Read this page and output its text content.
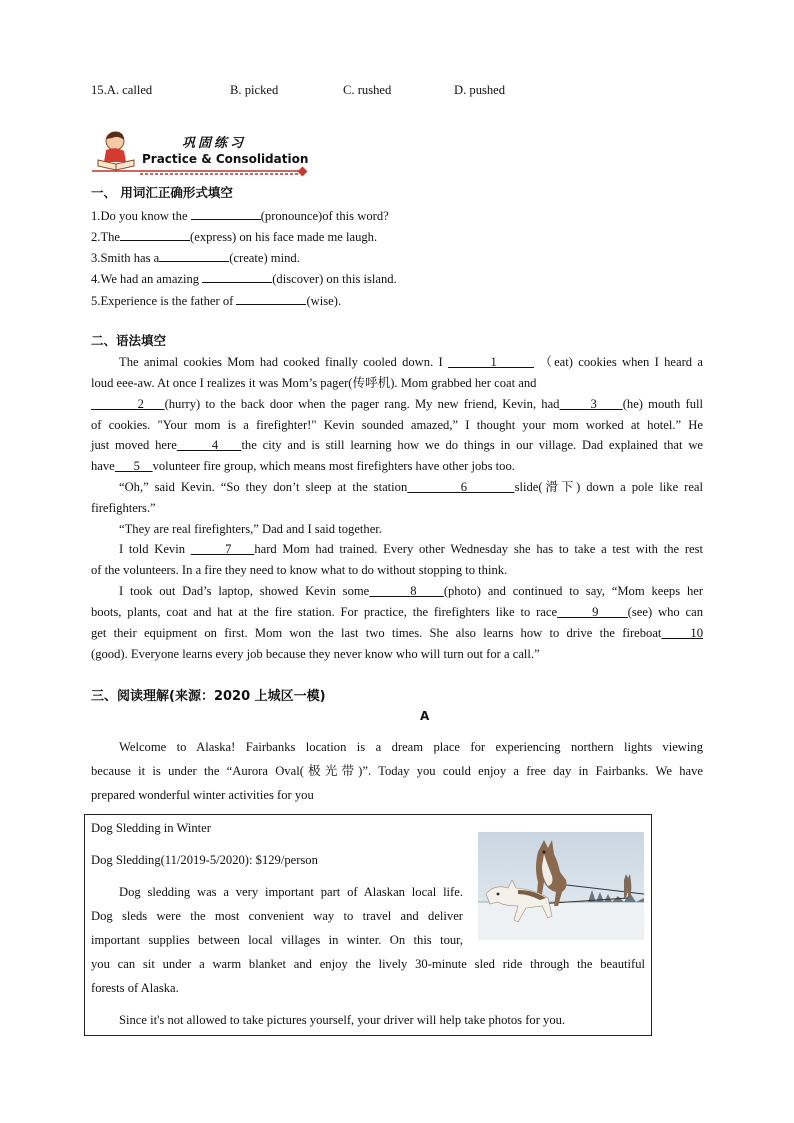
15.A. called	B. picked	C. rushed	D. pushed
巩固练习
Practice & Consolidation
一、 用词汇正确形式填空
1.Do you know the	(pronounce)of this word?
2.The	(express) on his face made me laugh.
3.Smith has a	(create) mind.
4.We had an amazing	(discover) on this island.
5.Experience is the father of	(wise).
二、语法填空
The animal cookies Mom had cooked finally cooled down. I	1	（eat) cookies when I heard a
loud eee-aw. At once I realizes it was Mom’s pager(传呼机). Mom grabbed her coat and
2 (hurry) to the back door when the pager rang. My new friend, Kevin, had 3 (he) mouth full
of cookies. "Your mom is a firefighter!" Kevin sounded amazed,” I thought your mom worked at hotel.” He
just moved here	4 the city and is still learning how we do things in our village. Dad explained that we
have 5 volunteer fire group, which means most firefighters have other jobs too.
“Oh,” said Kevin. “So they don’t sleep at the station	6	slide(滑下) down a pole like real
firefighters.”
“They are real firefighters,” Dad and I said together.
I told Kevin	7 hard Mom had trained. Every other Wednesday she has to take a test with the rest
of the volunteers. In a fire they need to know what to do without stopping to think.
I took out Dad’s laptop, showed Kevin some	8 (photo) and continued to say, “Mom keeps her
boots, plants, coat and hat at the fire station. For practice, the firefighters like to race	9 (see) who can
get their equipment on first. Mom won the last two times. She also learns how to drive the fireboat 10
(good). Everyone learns every job because they never know who will turn out for a call.”
三、阅读理解(来源：2020 上城区一模)
A
Welcome to Alaska! Fairbanks location is a dream place for experiencing northern lights viewing
because it is under the “Aurora Oval(极光带)”. Today you could enjoy a free day in Fairbanks. We have
prepared wonderful winter activities for you
Dog Sledding in Winter
Dog Sledding(11/2019-5/2020): $129/person
Dog sledding was a very important part of Alaskan local life.
Dog sleds were the most convenient way to travel and deliver
important supplies between local villages in winter. On this tour,
you can sit under a warm blanket and enjoy the lively 30-minute sled ride through the beautiful
forests of Alaska.
Since it's not allowed to take pictures yourself, your driver will help take photos for you.
